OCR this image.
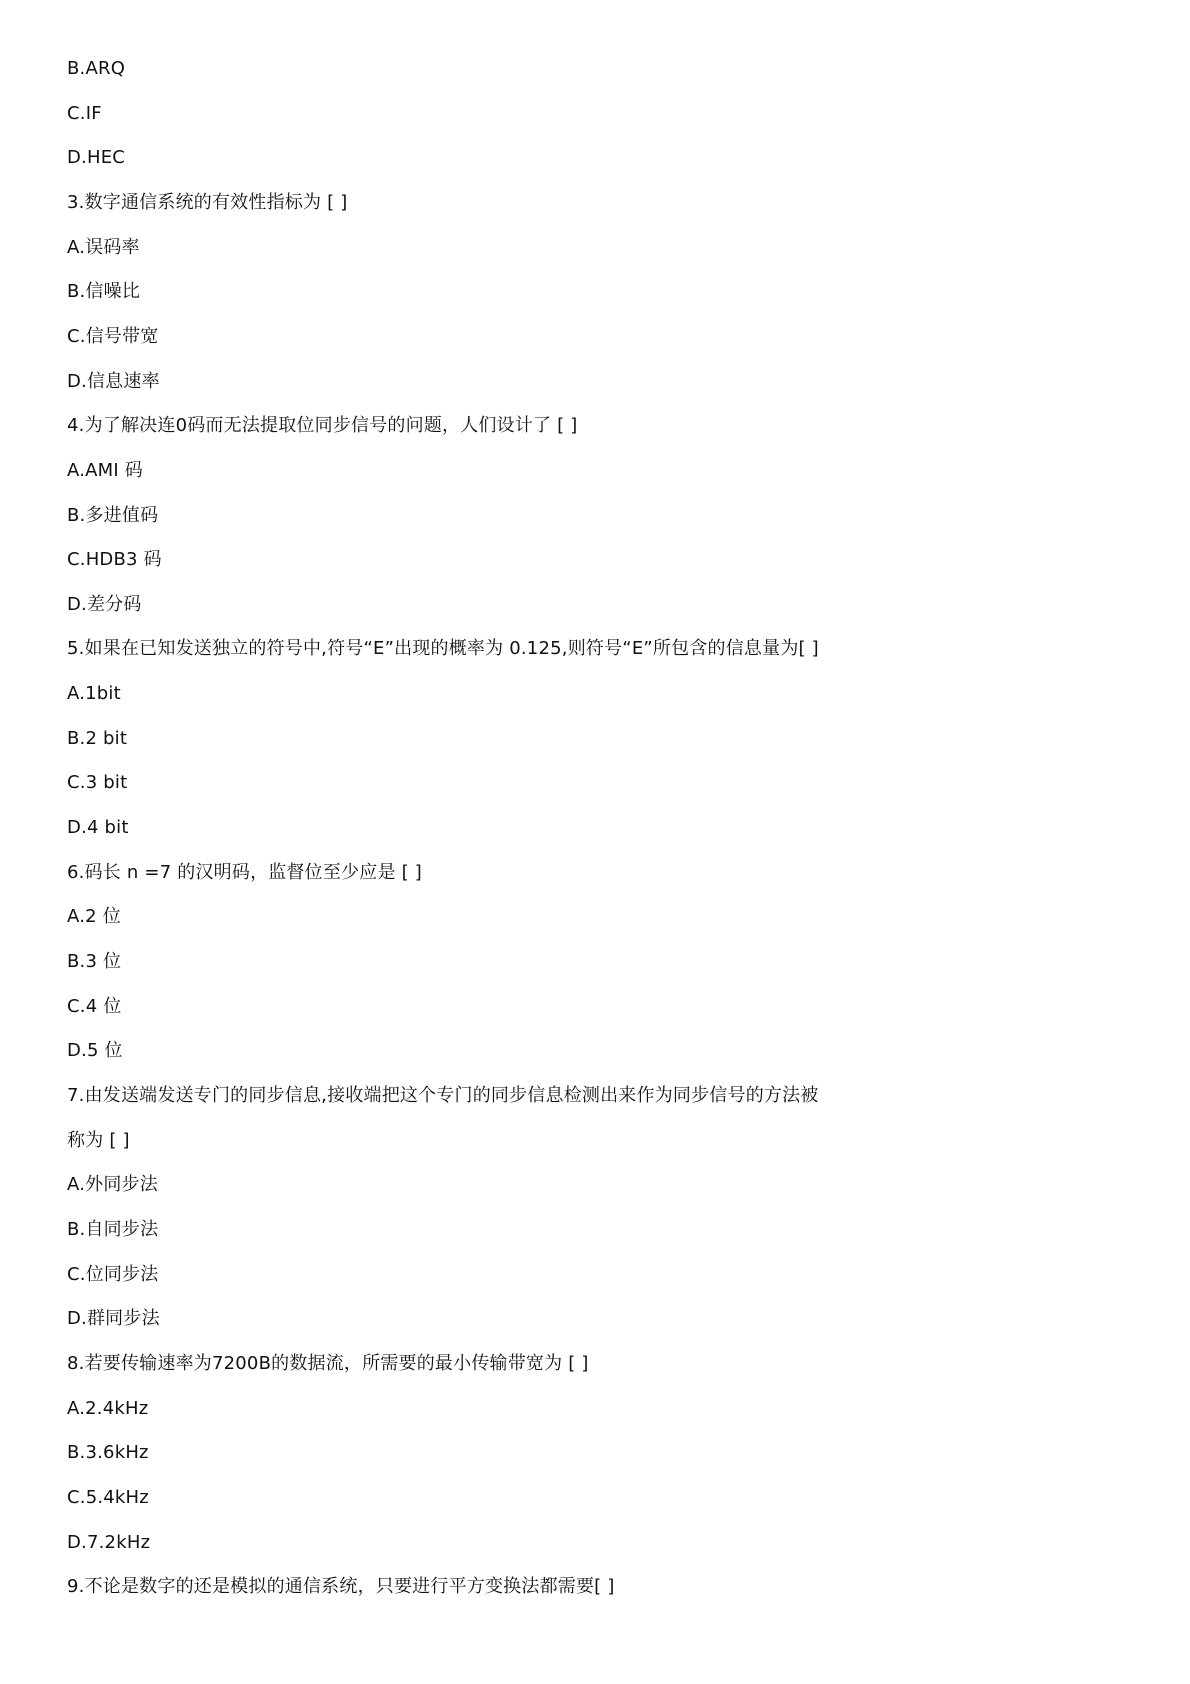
B.ARQ
C.IF
D.HEC
3.数字通信系统的有效性指标为 [ ]
A.误码率
B.信噪比
C.信号带宽
D.信息速率
4.为了解决连0码而无法提取位同步信号的问题，人们设计了 [ ]
A.AMI 码
B.多进值码
C.HDB3 码
D.差分码
5.如果在已知发送独立的符号中,符号“E”出现的概率为 0.125,则符号“E”所包含的信息量为[ ]
A.1bit
B.2 bit
C.3 bit
D.4 bit
6.码长 n =7 的汉明码，监督位至少应是 [ ]
A.2 位
B.3 位
C.4 位
D.5 位
7.由发送端发送专门的同步信息,接收端把这个专门的同步信息检测出来作为同步信号的方法被
称为 [ ]
A.外同步法
B.自同步法
C.位同步法
D.群同步法
8.若要传输速率为7200B的数据流，所需要的最小传输带宽为 [ ]
A.2.4kHz
B.3.6kHz
C.5.4kHz
D.7.2kHz
9.不论是数字的还是模拟的通信系统，只要进行平方变换法都需要[ ]
